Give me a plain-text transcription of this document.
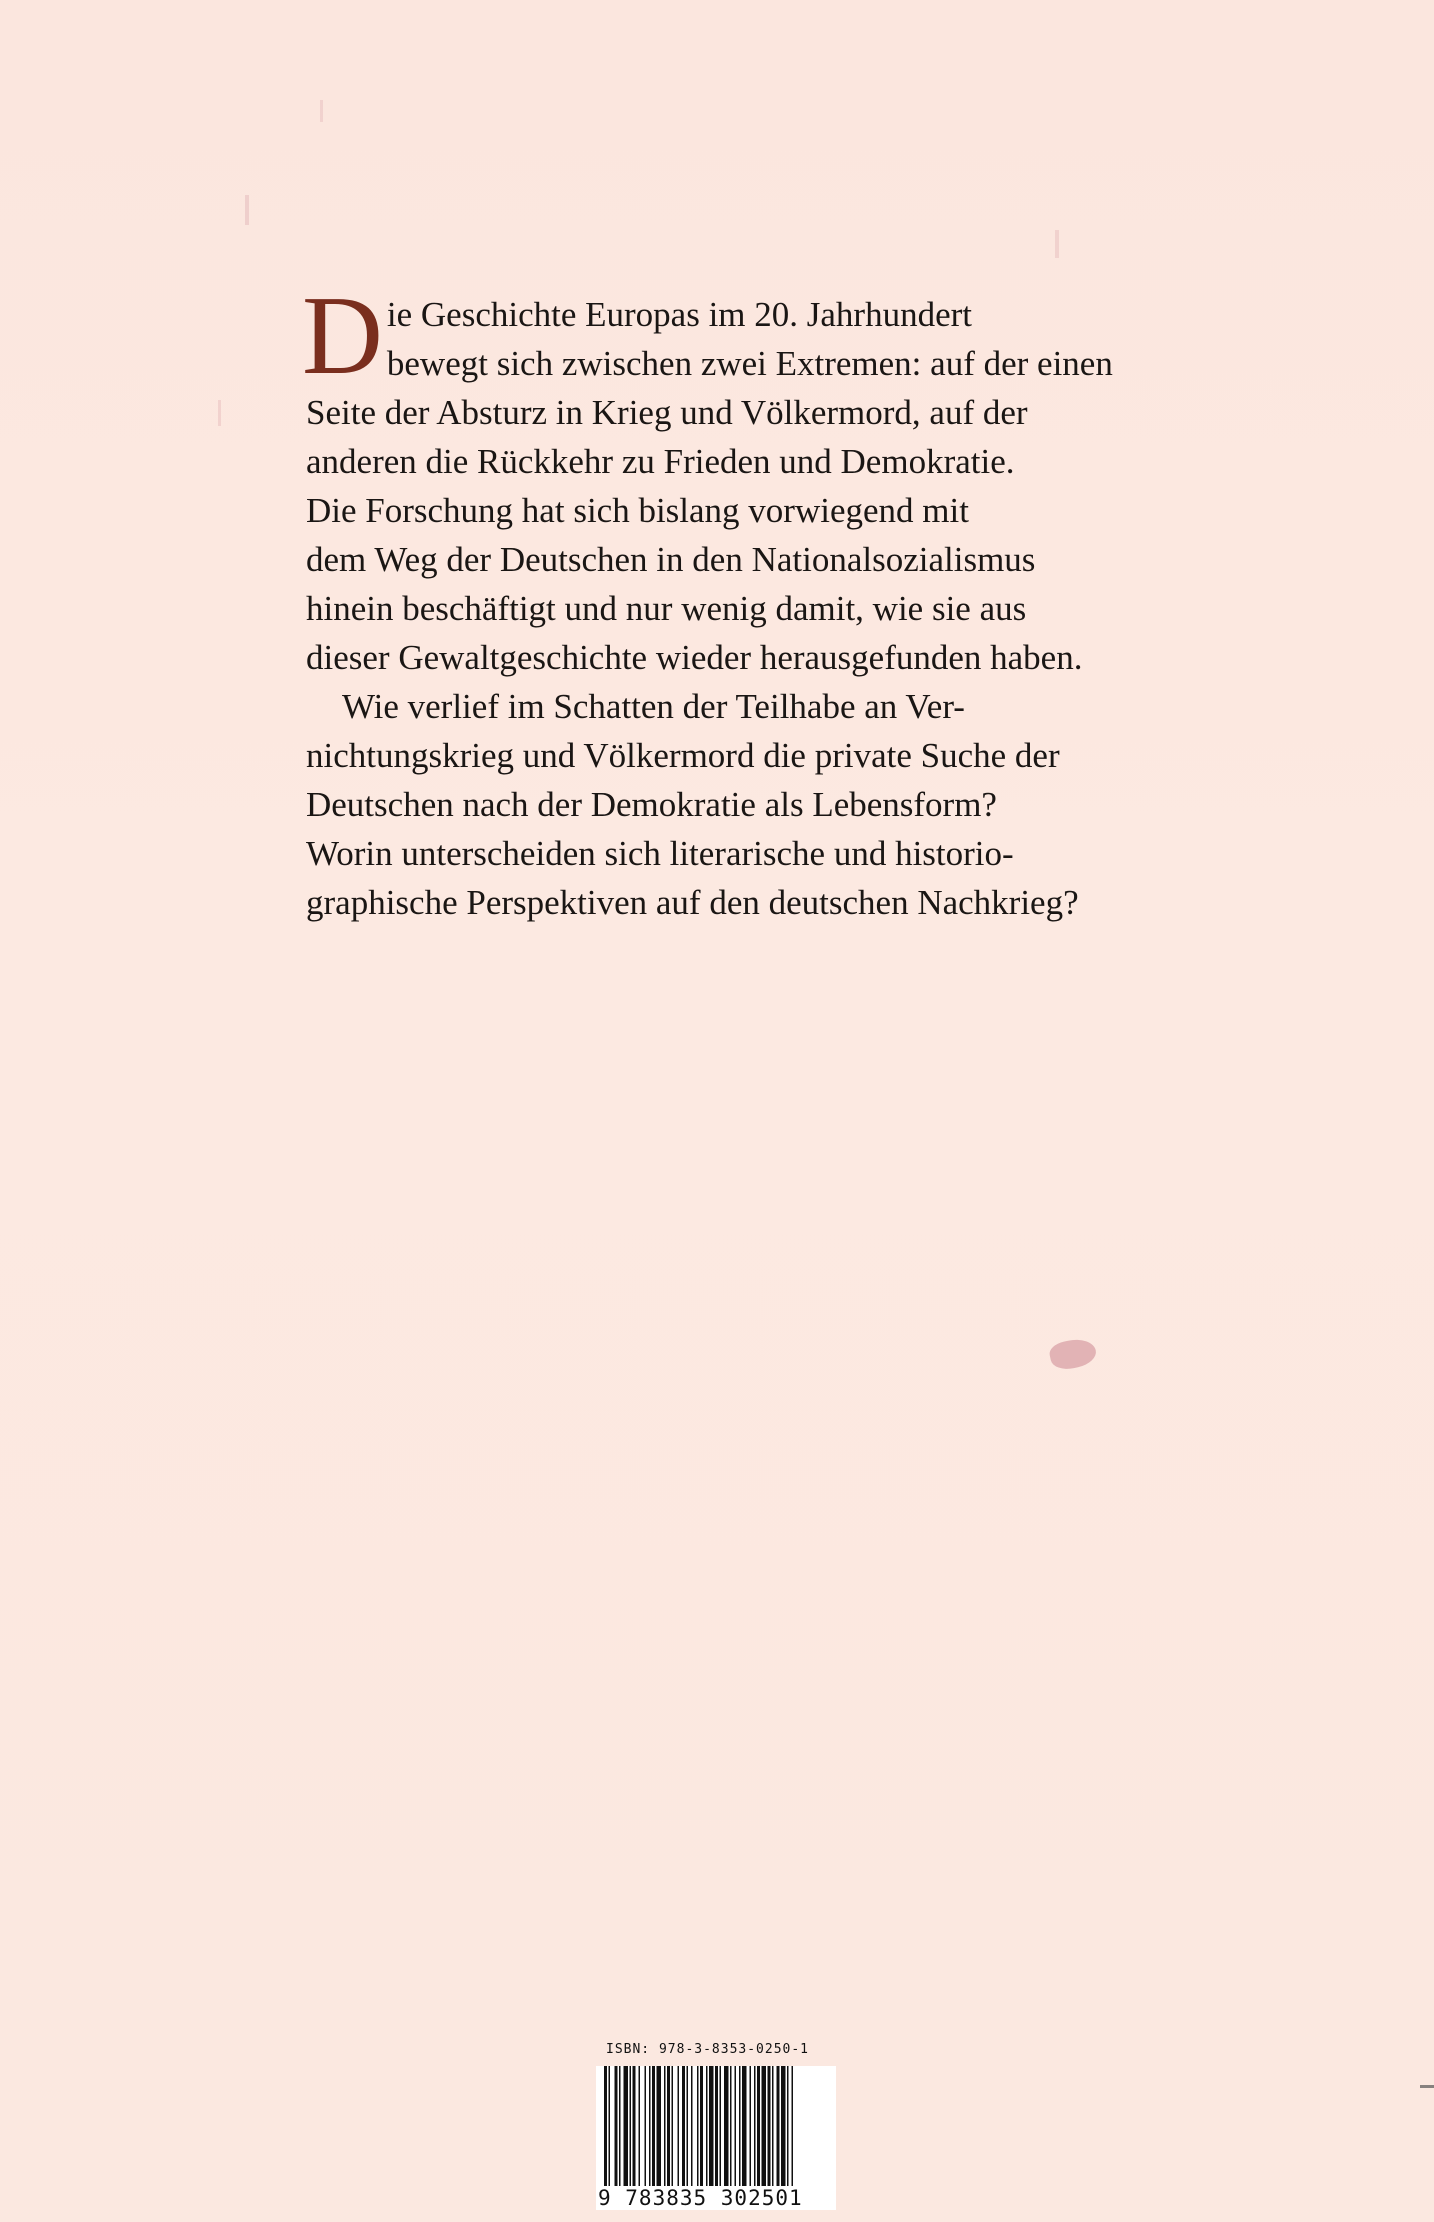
D ie Geschichte Europas im 20. Jahrhundert
bewegt sich zwischen zwei Extremen: auf der einen
Seite der Absturz in Krieg und Völkermord, auf der
anderen die Rückkehr zu Frieden und Demokratie.
Die Forschung hat sich bislang vorwiegend mit
dem Weg der Deutschen in den Nationalsozialismus
hinein beschäftigt und nur wenig damit, wie sie aus
dieser Gewaltgeschichte wieder herausgefunden haben.
Wie verlief im Schatten der Teilhabe an Ver-
nichtungskrieg und Völkermord die private Suche der
Deutschen nach der Demokratie als Lebensform?
Worin unterscheiden sich literarische und historio-
graphische Perspektiven auf den deutschen Nachkrieg?
ISBN: 978-3-8353-0250-1
9 783835 302501
